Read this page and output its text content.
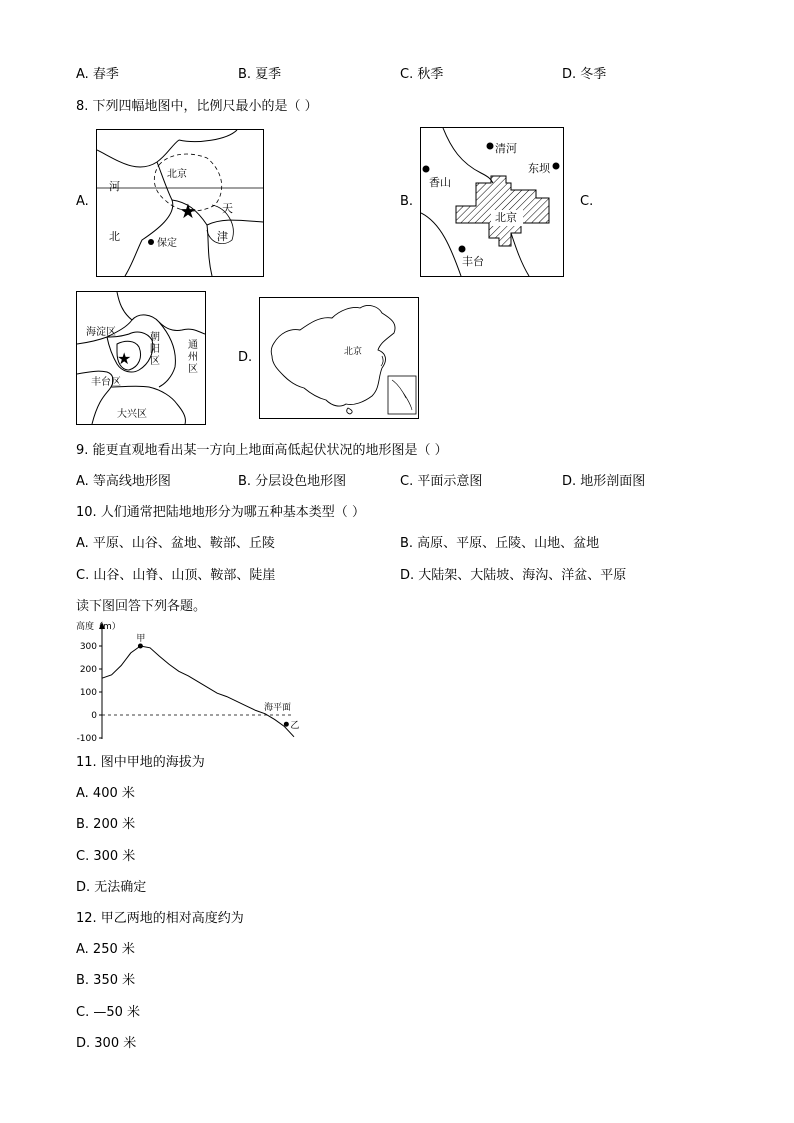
A. 春季	B. 夏季	C. 秋季	D. 冬季
8. 下列四幅地图中，比例尺最小的是（ ）
A.	★
北京
河
北
天
津
保定
B.
清河
东坝
香山
北京
丰台
C.
★
海淀区	朝
阳
区
通
州
区
丰台区
大兴区
D.	北京
9. 能更直观地看出某一方向上地面高低起伏状况的地形图是（ ）
A. 等高线地形图	B. 分层设色地形图	C. 平面示意图	D. 地形剖面图
10. 人们通常把陆地地形分为哪五种基本类型（ ）
A. 平原、山谷、盆地、鞍部、丘陵	B. 高原、平原、丘陵、山地、盆地
C. 山谷、山脊、山顶、鞍部、陡崖	D. 大陆架、大陆坡、海沟、洋盆、平原
读下图回答下列各题。
高度（m）
300
200
100
0
-100
海平面
甲
乙
11. 图中甲地的海拔为
A. 400 米
B. 200 米
C. 300 米
D. 无法确定
12. 甲乙两地的相对高度约为
A. 250 米
B. 350 米
C. —50 米
D. 300 米
